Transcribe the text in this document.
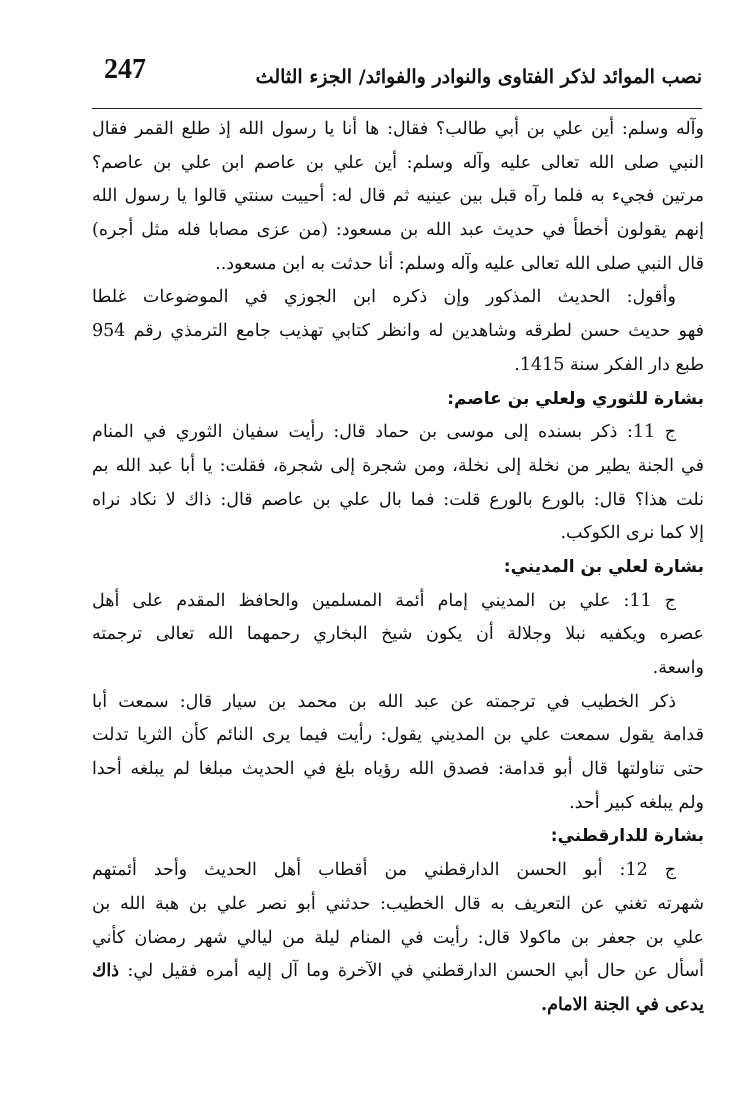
نصب الموائد لذكر الفتاوى والنوادر والفوائد/ الجزء الثالث
247
وآله وسلم: أين علي بن أبي طالب؟ فقال: ها أنا يا رسول الله إذ طلع القمر فقال
النبي صلى الله تعالى عليه وآله وسلم: أين علي بن عاصم ابن علي بن عاصم؟
مرتين فجيء به فلما رآه قبل بين عينيه ثم قال له: أحييت سنتي قالوا يا رسول الله
إنهم يقولون أخطأ في حديث عبد الله بن مسعود: (من عزى مصابا فله مثل أجره)
قال النبي صلى الله تعالى عليه وآله وسلم: أنا حدثت به ابن مسعود..
وأقول: الحديث المذكور وإن ذكره ابن الجوزي في الموضوعات غلطا
فهو حديث حسن لطرقه وشاهدين له وانظر كتابي تهذيب جامع الترمذي رقم 954
طبع دار الفكر سنة 1415.
بشارة للثوري ولعلي بن عاصم:
ج 11: ذكر بسنده إلى موسى بن حماد قال: رأيت سفيان الثوري في المنام
في الجنة يطير من نخلة إلى نخلة، ومن شجرة إلى شجرة، فقلت: يا أبا عبد الله بم
نلت هذا؟ قال: بالورع بالورع قلت: فما بال علي بن عاصم قال: ذاك لا نكاد نراه
إلا كما نرى الكوكب.
بشارة لعلي بن المديني:
ج 11: علي بن المديني إمام أئمة المسلمين والحافظ المقدم على أهل
عصره ويكفيه نبلا وجلالة أن يكون شيخ البخاري رحمهما الله تعالى ترجمته
واسعة.
ذكر الخطيب في ترجمته عن عبد الله بن محمد بن سيار قال: سمعت أبا
قدامة يقول سمعت علي بن المديني يقول: رأيت فيما يرى النائم كأن الثريا تدلت
حتى تناولتها قال أبو قدامة: فصدق الله رؤياه بلغ في الحديث مبلغا لم يبلغه أحدا
ولم يبلغه كبير أحد.
بشارة للدارقطني:
ج 12: أبو الحسن الدارقطني من أقطاب أهل الحديث وأحد أئمتهم
شهرته تغني عن التعريف به قال الخطيب: حدثني أبو نصر علي بن هبة الله بن
علي بن جعفر بن ماكولا قال: رأيت في المنام ليلة من ليالي شهر رمضان كأني
أسأل عن حال أبي الحسن الدارقطني في الآخرة وما آل إليه أمره فقيل لي: ذاك
يدعى في الجنة الامام.
